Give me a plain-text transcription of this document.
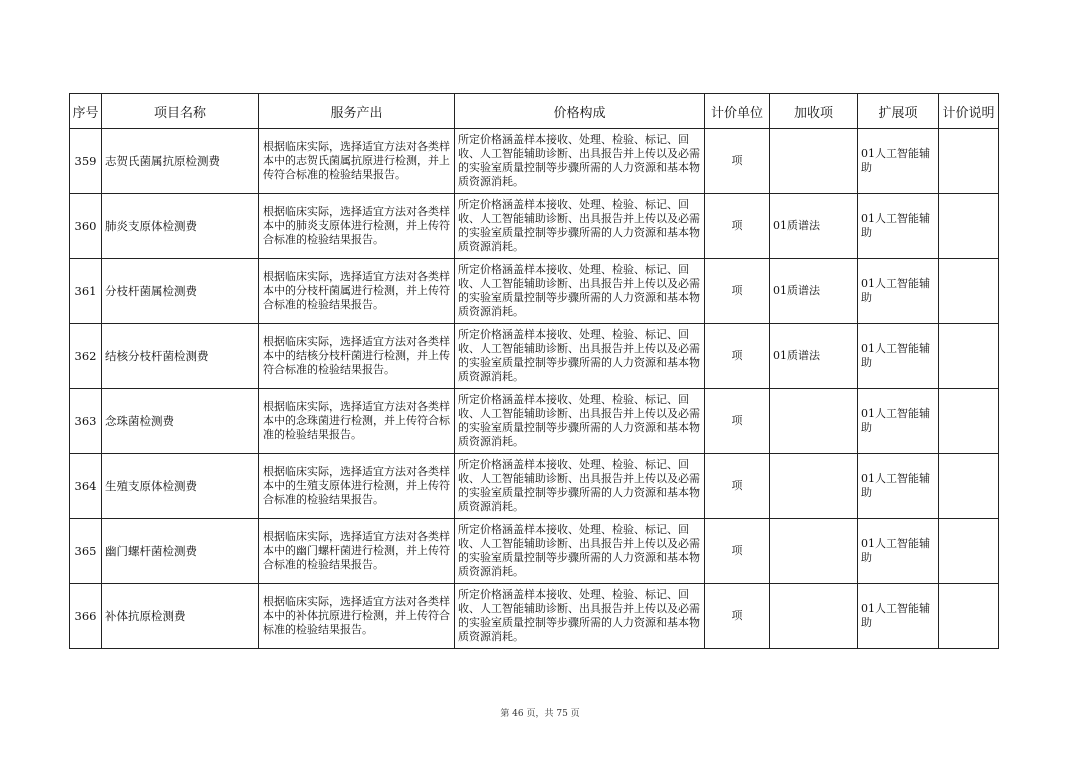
序号	项目名称	服务产出	价格构成	计价单位	加收项	扩展项	计价说明
359	志贺氏菌属抗原检测费	根据临床实际，选择适宜方法对各类样本中的志贺氏菌属抗原进行检测，并上传符合标准的检验结果报告。	所定价格涵盖样本接收、处理、检验、标记、回收、人工智能辅助诊断、出具报告并上传以及必需的实验室质量控制等步骤所需的人力资源和基本物质资源消耗。	项		01人工智能辅助	
360	肺炎支原体检测费	根据临床实际，选择适宜方法对各类样本中的肺炎支原体进行检测，并上传符合标准的检验结果报告。	所定价格涵盖样本接收、处理、检验、标记、回收、人工智能辅助诊断、出具报告并上传以及必需的实验室质量控制等步骤所需的人力资源和基本物质资源消耗。	项	01质谱法	01人工智能辅助	
361	分枝杆菌属检测费	根据临床实际，选择适宜方法对各类样本中的分枝杆菌属进行检测，并上传符合标准的检验结果报告。	所定价格涵盖样本接收、处理、检验、标记、回收、人工智能辅助诊断、出具报告并上传以及必需的实验室质量控制等步骤所需的人力资源和基本物质资源消耗。	项	01质谱法	01人工智能辅助	
362	结核分枝杆菌检测费	根据临床实际，选择适宜方法对各类样本中的结核分枝杆菌进行检测，并上传符合标准的检验结果报告。	所定价格涵盖样本接收、处理、检验、标记、回收、人工智能辅助诊断、出具报告并上传以及必需的实验室质量控制等步骤所需的人力资源和基本物质资源消耗。	项	01质谱法	01人工智能辅助	
363	念珠菌检测费	根据临床实际，选择适宜方法对各类样本中的念珠菌进行检测，并上传符合标准的检验结果报告。	所定价格涵盖样本接收、处理、检验、标记、回收、人工智能辅助诊断、出具报告并上传以及必需的实验室质量控制等步骤所需的人力资源和基本物质资源消耗。	项		01人工智能辅助	
364	生殖支原体检测费	根据临床实际，选择适宜方法对各类样本中的生殖支原体进行检测，并上传符合标准的检验结果报告。	所定价格涵盖样本接收、处理、检验、标记、回收、人工智能辅助诊断、出具报告并上传以及必需的实验室质量控制等步骤所需的人力资源和基本物质资源消耗。	项		01人工智能辅助	
365	幽门螺杆菌检测费	根据临床实际，选择适宜方法对各类样本中的幽门螺杆菌进行检测，并上传符合标准的检验结果报告。	所定价格涵盖样本接收、处理、检验、标记、回收、人工智能辅助诊断、出具报告并上传以及必需的实验室质量控制等步骤所需的人力资源和基本物质资源消耗。	项		01人工智能辅助	
366	补体抗原检测费	根据临床实际，选择适宜方法对各类样本中的补体抗原进行检测，并上传符合标准的检验结果报告。	所定价格涵盖样本接收、处理、检验、标记、回收、人工智能辅助诊断、出具报告并上传以及必需的实验室质量控制等步骤所需的人力资源和基本物质资源消耗。	项		01人工智能辅助	
第 46 页，共 75 页
